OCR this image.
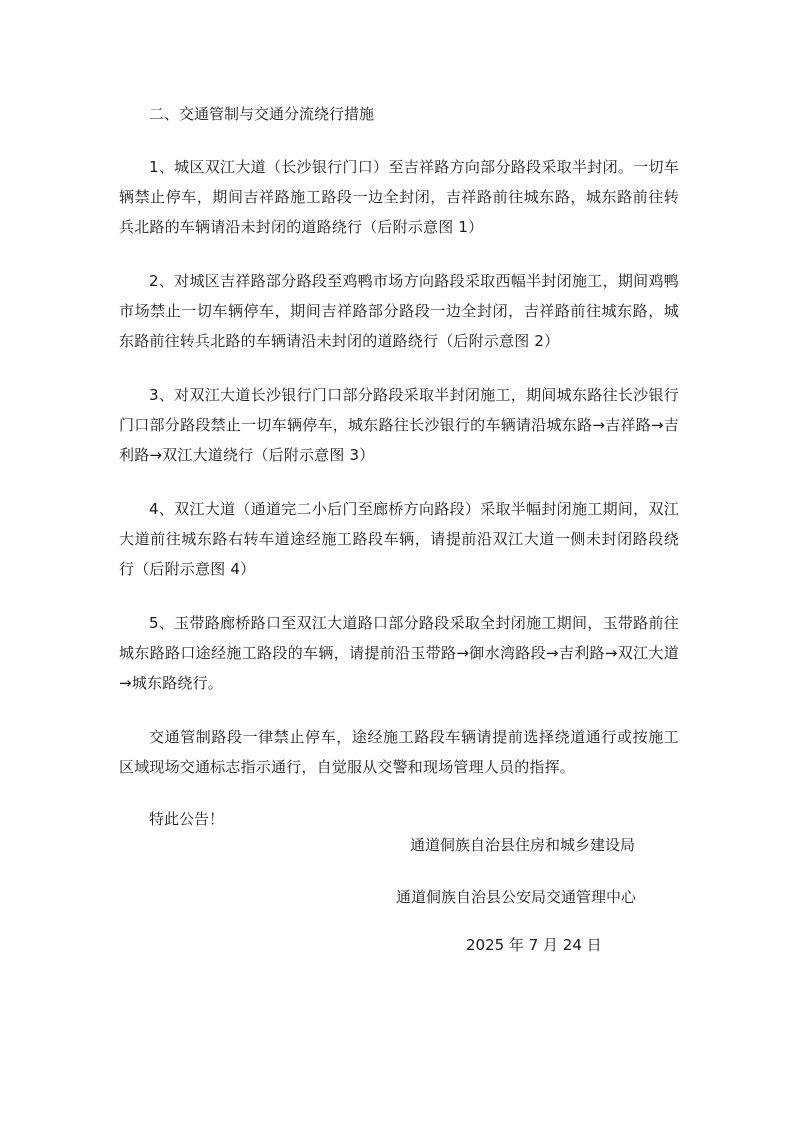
二、交通管制与交通分流绕行措施

1、城区双江大道（长沙银行门口）至吉祥路方向部分路段采取半封闭。一切车辆禁止停车，期间吉祥路施工路段一边全封闭，吉祥路前往城东路，城东路前往转兵北路的车辆请沿未封闭的道路绕行（后附示意图 1）

2、对城区吉祥路部分路段至鸡鸭市场方向路段采取西幅半封闭施工，期间鸡鸭市场禁止一切车辆停车，期间吉祥路部分路段一边全封闭，吉祥路前往城东路，城东路前往转兵北路的车辆请沿未封闭的道路绕行（后附示意图 2）

3、对双江大道长沙银行门口部分路段采取半封闭施工，期间城东路往长沙银行门口部分路段禁止一切车辆停车，城东路往长沙银行的车辆请沿城东路→吉祥路→吉利路→双江大道绕行（后附示意图 3）

4、双江大道（通道完二小后门至廊桥方向路段）采取半幅封闭施工期间，双江大道前往城东路右转车道途经施工路段车辆，请提前沿双江大道一侧未封闭路段绕行（后附示意图 4）

5、玉带路廊桥路口至双江大道路口部分路段采取全封闭施工期间，玉带路前往城东路路口途经施工路段的车辆，请提前沿玉带路→御水湾路段→吉利路→双江大道→城东路绕行。

交通管制路段一律禁止停车，途经施工路段车辆请提前选择绕道通行或按施工区域现场交通标志指示通行，自觉服从交警和现场管理人员的指挥。

特此公告！

通道侗族自治县住房和城乡建设局
通道侗族自治县公安局交通管理中心
2025 年 7 月 24 日
